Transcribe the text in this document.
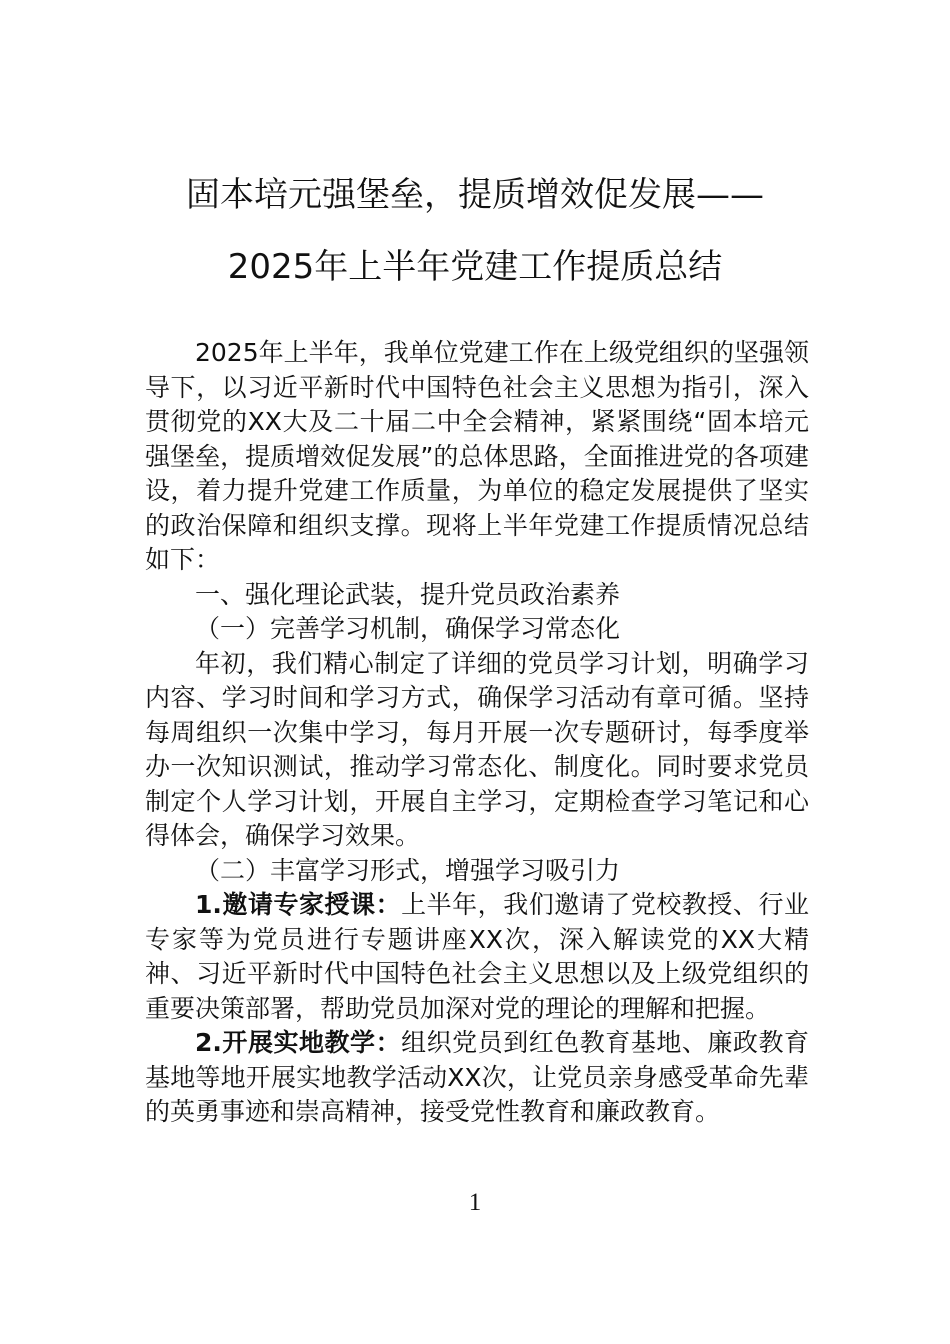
固本培元强堡垒，提质增效促发展——
2025年上半年党建工作提质总结

2025年上半年，我单位党建工作在上级党组织的坚强领导下，以习近平新时代中国特色社会主义思想为指引，深入贯彻党的XX大及二十届二中全会精神，紧紧围绕“固本培元强堡垒，提质增效促发展”的总体思路，全面推进党的各项建设，着力提升党建工作质量，为单位的稳定发展提供了坚实的政治保障和组织支撑。现将上半年党建工作提质情况总结如下：

一、强化理论武装，提升党员政治素养

（一）完善学习机制，确保学习常态化

年初，我们精心制定了详细的党员学习计划，明确学习内容、学习时间和学习方式，确保学习活动有章可循。坚持每周组织一次集中学习，每月开展一次专题研讨，每季度举办一次知识测试，推动学习常态化、制度化。同时要求党员制定个人学习计划，开展自主学习，定期检查学习笔记和心得体会，确保学习效果。

（二）丰富学习形式，增强学习吸引力

1.邀请专家授课：上半年，我们邀请了党校教授、行业专家等为党员进行专题讲座XX次，深入解读党的XX大精神、习近平新时代中国特色社会主义思想以及上级党组织的重要决策部署，帮助党员加深对党的理论的理解和把握。

2.开展实地教学：组织党员到红色教育基地、廉政教育基地等地开展实地教学活动XX次，让党员亲身感受革命先辈的英勇事迹和崇高精神，接受党性教育和廉政教育。

1
